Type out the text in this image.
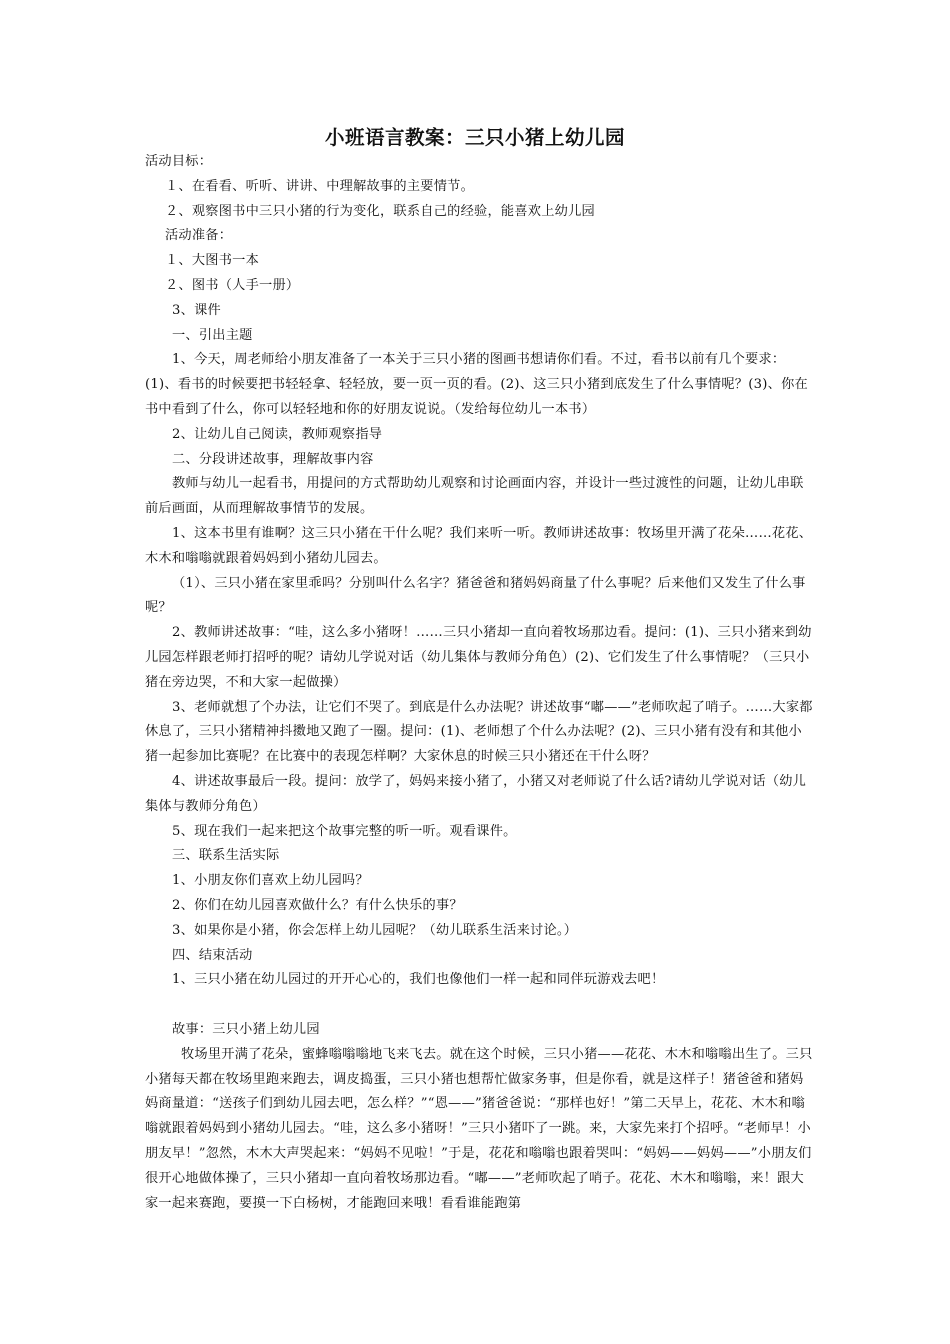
小班语言教案：三只小猪上幼儿园

活动目标：

１、在看看、听听、讲讲、中理解故事的主要情节。

２、观察图书中三只小猪的行为变化，联系自己的经验，能喜欢上幼儿园

活动准备：

１、大图书一本

２、图书（人手一册）

3、课件

一、引出主题

1、今天，周老师给小朋友准备了一本关于三只小猪的图画书想请你们看。不过，看书以前有几个要求：(1)、看书的时候要把书轻轻拿、轻轻放，要一页一页的看。(2)、这三只小猪到底发生了什么事情呢？(3)、你在书中看到了什么，你可以轻轻地和你的好朋友说说。（发给每位幼儿一本书）

2、让幼儿自己阅读，教师观察指导

二、分段讲述故事，理解故事内容

教师与幼儿一起看书，用提问的方式帮助幼儿观察和讨论画面内容，并设计一些过渡性的问题，让幼儿串联前后画面，从而理解故事情节的发展。

1、这本书里有谁啊？这三只小猪在干什么呢？我们来听一听。教师讲述故事：牧场里开满了花朵……花花、木木和嗡嗡就跟着妈妈到小猪幼儿园去。

（1）、三只小猪在家里乖吗？分别叫什么名字？猪爸爸和猪妈妈商量了什么事呢？后来他们又发生了什么事呢？

2、教师讲述故事：“哇，这么多小猪呀！……三只小猪却一直向着牧场那边看。提问：(1)、三只小猪来到幼儿园怎样跟老师打招呼的呢？请幼儿学说对话（幼儿集体与教师分角色）(2)、它们发生了什么事情呢？（三只小猪在旁边哭，不和大家一起做操）

3、老师就想了个办法，让它们不哭了。到底是什么办法呢？讲述故事“嘟——”老师吹起了哨子。……大家都休息了，三只小猪精神抖擞地又跑了一圈。提问：(1)、老师想了个什么办法呢？(2)、三只小猪有没有和其他小猪一起参加比赛呢？在比赛中的表现怎样啊？大家休息的时候三只小猪还在干什么呀？

4、讲述故事最后一段。提问：放学了，妈妈来接小猪了，小猪又对老师说了什么话?请幼儿学说对话（幼儿集体与教师分角色）

5、现在我们一起来把这个故事完整的听一听。观看课件。

三、联系生活实际

1、小朋友你们喜欢上幼儿园吗？

2、你们在幼儿园喜欢做什么？有什么快乐的事？

3、如果你是小猪，你会怎样上幼儿园呢？（幼儿联系生活来讨论。）

四、结束活动

1、三只小猪在幼儿园过的开开心心的，我们也像他们一样一起和同伴玩游戏去吧！

故事：三只小猪上幼儿园

牧场里开满了花朵，蜜蜂嗡嗡嗡地飞来飞去。就在这个时候，三只小猪——花花、木木和嗡嗡出生了。三只小猪每天都在牧场里跑来跑去，调皮捣蛋，三只小猪也想帮忙做家务事，但是你看，就是这样子！猪爸爸和猪妈妈商量道：“送孩子们到幼儿园去吧，怎么样？”“恩——”猪爸爸说：“那样也好！”第二天早上，花花、木木和嗡嗡就跟着妈妈到小猪幼儿园去。“哇，这么多小猪呀！”三只小猪吓了一跳。来，大家先来打个招呼。“老师早！小朋友早！”忽然，木木大声哭起来：“妈妈不见啦！”于是，花花和嗡嗡也跟着哭叫：“妈妈——妈妈——”小朋友们很开心地做体操了，三只小猪却一直向着牧场那边看。“嘟——”老师吹起了哨子。花花、木木和嗡嗡，来！跟大家一起来赛跑，要摸一下白杨树，才能跑回来哦！看看谁能跑第
